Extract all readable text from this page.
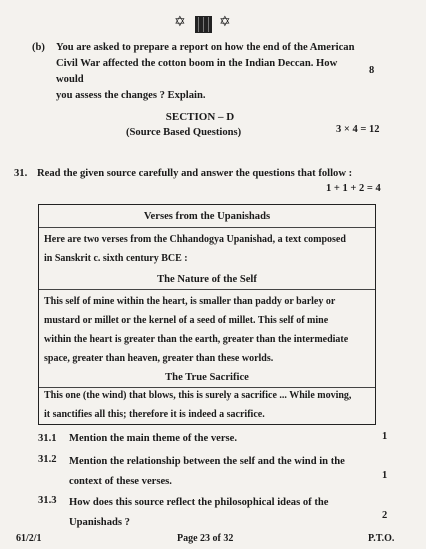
✡ ✡
(b) You are asked to prepare a report on how the end of the American
Civil War affected the cotton boom in the Indian Deccan. How would
you assess the changes ? Explain.
8
SECTION – D
(Source Based Questions)	3 × 4 = 12
31. Read the given source carefully and answer the questions that follow :
1 + 1 + 2 = 4
Verses from the Upanishads
Here are two verses from the Chhandogya Upanishad, a text composed
in Sanskrit c. sixth century BCE :
The Nature of the Self
This self of mine within the heart, is smaller than paddy or barley or
mustard or millet or the kernel of a seed of millet. This self of mine
within the heart is greater than the earth, greater than the intermediate
space, greater than heaven, greater than these worlds.
The True Sacrifice
This one (the wind) that blows, this is surely a sacrifice ... While moving,
it sanctifies all this; therefore it is indeed a sacrifice.
31.1 Mention the main theme of the verse.	1
31.2 Mention the relationship between the self and the wind in the
context of these verses.
1
31.3 How does this source reflect the philosophical ideas of the
Upanishads ?
2
61/2/1	Page 23 of 32	P.T.O.
